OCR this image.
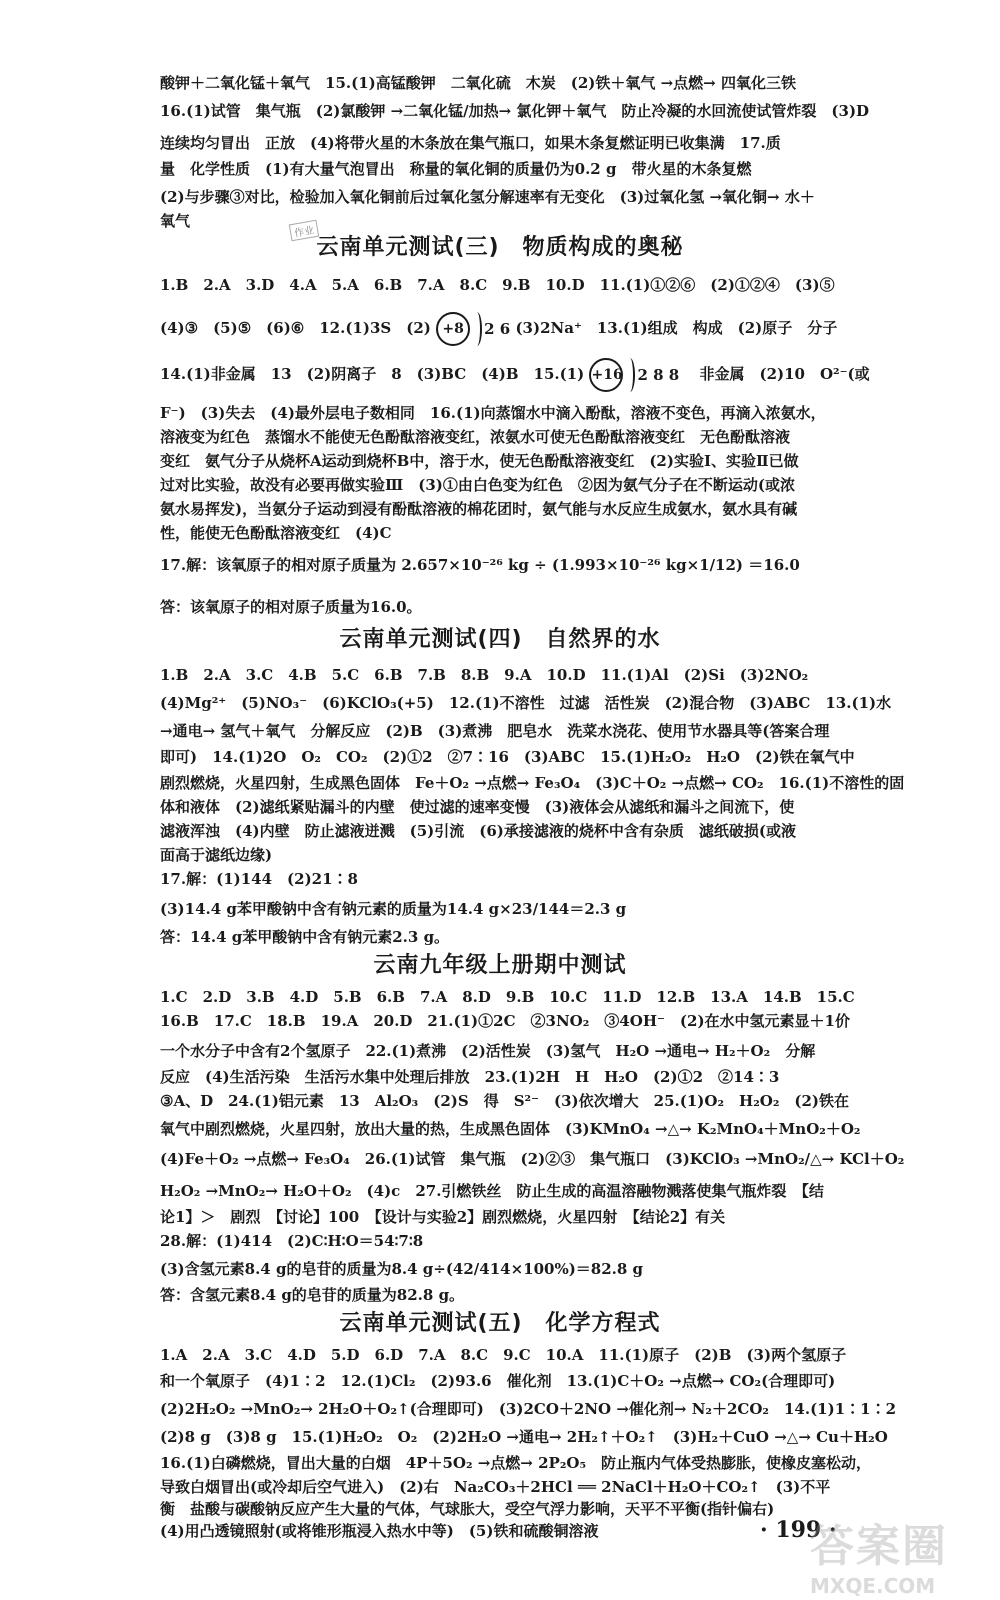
酸钾＋二氧化锰＋氧气　15.(1)高锰酸钾　二氧化硫　木炭　(2)铁＋氧气 →点燃→ 四氧化三铁
16.(1)试管　集气瓶　(2)氯酸钾 →二氧化锰/加热→ 氯化钾＋氧气　防止冷凝的水回流使试管炸裂　(3)D
连续均匀冒出　正放　(4)将带火星的木条放在集气瓶口，如果木条复燃证明已收集满　17.质
量　化学性质　(1)有大量气泡冒出　称量的氧化铜的质量仍为0.2 g　带火星的木条复燃
(2)与步骤③对比，检验加入氧化铜前后过氧化氢分解速率有无变化　(3)过氧化氢 →氧化铜→ 水＋
氧气
作业
云南单元测试(三)　物质构成的奥秘
1.B　2.A　3.D　4.A　5.A　6.B　7.A　8.C　9.B　10.D　11.(1)①②⑥　(2)①②④　(3)⑤
(4)③　(5)⑤　(6)⑥　12.(1)3S　(2) +8	2 6 (3)2Na⁺　13.(1)组成　构成　(2)原子　分子
14.(1)非金属　13　(2)阴离子　8　(3)BC　(4)B　15.(1) +16 2 8 8 　非金属　(2)10　O²⁻(或
F⁻)　(3)失去　(4)最外层电子数相同　16.(1)向蒸馏水中滴入酚酞，溶液不变色，再滴入浓氨水，
溶液变为红色　蒸馏水不能使无色酚酞溶液变红，浓氨水可使无色酚酞溶液变红　无色酚酞溶液
变红　氨气分子从烧杯A运动到烧杯B中，溶于水，使无色酚酞溶液变红　(2)实验Ⅰ、实验Ⅱ已做
过对比实验，故没有必要再做实验Ⅲ　(3)①由白色变为红色　②因为氨气分子在不断运动(或浓
氨水易挥发)，当氨分子运动到浸有酚酞溶液的棉花团时，氨气能与水反应生成氨水，氨水具有碱
性，能使无色酚酞溶液变红　(4)C
17.解：该氧原子的相对原子质量为 2.657×10⁻²⁶ kg ÷ (1.993×10⁻²⁶ kg×1/12) ＝16.0
答：该氧原子的相对原子质量为16.0。
云南单元测试(四)　自然界的水
1.B　2.A　3.C　4.B　5.C　6.B　7.B　8.B　9.A　10.D　11.(1)Al　(2)Si　(3)2NO₂
(4)Mg²⁺　(5)NO₃⁻　(6)KClO₃(+5)　12.(1)不溶性　过滤　活性炭　(2)混合物　(3)ABC　13.(1)水
→通电→ 氢气＋氧气　分解反应　(2)B　(3)煮沸　肥皂水　洗菜水浇花、使用节水器具等(答案合理
即可)　14.(1)2O　O₂　CO₂　(2)①2　②7∶16　(3)ABC　15.(1)H₂O₂　H₂O　(2)铁在氧气中
剧烈燃烧，火星四射，生成黑色固体　Fe＋O₂ →点燃→ Fe₃O₄　(3)C＋O₂ →点燃→ CO₂　16.(1)不溶性的固
体和液体　(2)滤纸紧贴漏斗的内壁　使过滤的速率变慢　(3)液体会从滤纸和漏斗之间流下，使
滤液浑浊　(4)内壁　防止滤液迸溅　(5)引流　(6)承接滤液的烧杯中含有杂质　滤纸破损(或液
面高于滤纸边缘)
17.解：(1)144　(2)21∶8
(3)14.4 g苯甲酸钠中含有钠元素的质量为14.4 g×23/144＝2.3 g
答：14.4 g苯甲酸钠中含有钠元素2.3 g。
云南九年级上册期中测试
1.C　2.D　3.B　4.D　5.B　6.B　7.A　8.D　9.B　10.C　11.D　12.B　13.A　14.B　15.C
16.B　17.C　18.B　19.A　20.D　21.(1)①2C　②3NO₂　③4OH⁻　(2)在水中氢元素显＋1价
一个水分子中含有2个氢原子　22.(1)煮沸　(2)活性炭　(3)氢气　H₂O →通电→ H₂＋O₂　分解
反应　(4)生活污染　生活污水集中处理后排放　23.(1)2H　H　H₂O　(2)①2　②14∶3
③A、D　24.(1)铝元素　13　Al₂O₃　(2)S　得　S²⁻　(3)依次增大　25.(1)O₂　H₂O₂　(2)铁在
氧气中剧烈燃烧，火星四射，放出大量的热，生成黑色固体　(3)KMnO₄ →△→ K₂MnO₄＋MnO₂＋O₂
(4)Fe＋O₂ →点燃→ Fe₃O₄　26.(1)试管　集气瓶　(2)②③　集气瓶口　(3)KClO₃ →MnO₂/△→ KCl＋O₂
H₂O₂ →MnO₂→ H₂O＋O₂　(4)c　27.引燃铁丝　防止生成的高温溶融物溅落使集气瓶炸裂　【结
论1】＞　剧烈　【讨论】100　【设计与实验2】剧烈燃烧，火星四射　【结论2】有关
28.解：(1)414　(2)C∶H∶O＝54∶7∶8
(3)含氢元素8.4 g的皂苷的质量为8.4 g÷(42/414×100%)＝82.8 g
答：含氢元素8.4 g的皂苷的质量为82.8 g。
云南单元测试(五)　化学方程式
1.A　2.A　3.C　4.D　5.D　6.D　7.A　8.C　9.C　10.A　11.(1)原子　(2)B　(3)两个氢原子
和一个氧原子　(4)1∶2　12.(1)Cl₂　(2)93.6　催化剂　13.(1)C＋O₂ →点燃→ CO₂(合理即可)
(2)2H₂O₂ →MnO₂→ 2H₂O＋O₂↑(合理即可)　(3)2CO＋2NO →催化剂→ N₂＋2CO₂　14.(1)1∶1∶2
(2)8 g　(3)8 g　15.(1)H₂O₂　O₂　(2)2H₂O →通电→ 2H₂↑＋O₂↑　(3)H₂＋CuO →△→ Cu＋H₂O
16.(1)白磷燃烧，冒出大量的白烟　4P＋5O₂ →点燃→ 2P₂O₅　防止瓶内气体受热膨胀，使橡皮塞松动，
导致白烟冒出(或冷却后空气进入)　(2)右　Na₂CO₃＋2HCl ══ 2NaCl＋H₂O＋CO₂↑　(3)不平
衡　盐酸与碳酸钠反应产生大量的气体，气球胀大，受空气浮力影响，天平不平衡(指针偏右)
(4)用凸透镜照射(或将锥形瓶浸入热水中等)　(5)铁和硫酸铜溶液	· 199 ·
答案圈
MXQE.COM
